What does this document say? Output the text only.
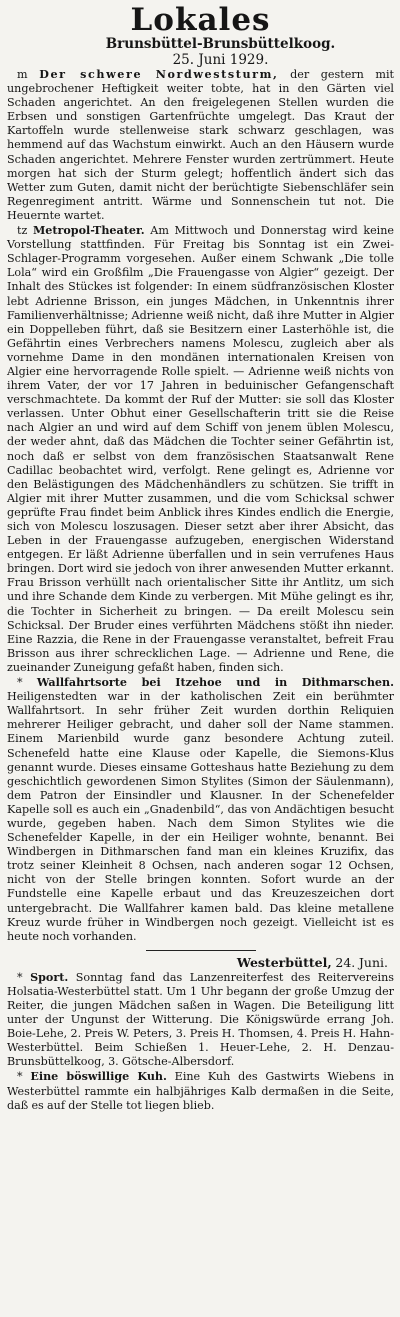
Lokales
Brunsbüttel-Brunsbüttelkoog.
25. Juni 1929.

m Der schwere Nordweststurm, der gestern mit ungebrochener Heftigkeit weiter tobte, hat in den Gärten viel Schaden angerichtet. An den freigelegenen Stellen wurden die Erbsen und sonstigen Gartenfrüchte umgelegt. Das Kraut der Kartoffeln wurde stellenweise stark schwarz geschlagen, was hemmend auf das Wachstum einwirkt. Auch an den Häusern wurde Schaden angerichtet. Mehrere Fenster wurden zertrümmert. Heute morgen hat sich der Sturm gelegt; hoffentlich ändert sich das Wetter zum Guten, damit nicht der berüchtigte Siebenschläfer sein Regenregiment antritt. Wärme und Sonnenschein tut not. Die Heuernte wartet.

tz Metropol-Theater. Am Mittwoch und Donnerstag wird keine Vorstellung stattfinden. Für Freitag bis Sonntag ist ein Zwei-Schlager-Programm vorgesehen. Außer einem Schwank „Die tolle Lola“ wird ein Großfilm „Die Frauengasse von Algier“ gezeigt. Der Inhalt des Stückes ist folgender: In einem südfranzösischen Kloster lebt Adrienne Brisson, ein junges Mädchen, in Unkenntnis ihrer Familienverhältnisse; Adrienne weiß nicht, daß ihre Mutter in Algier ein Doppelleben führt, daß sie Besitzern einer Lasterhöhle ist, die Gefährtin eines Verbrechers namens Molescu, zugleich aber als vornehme Dame in den mondänen internationalen Kreisen von Algier eine hervorragende Rolle spielt. — Adrienne weiß nichts von ihrem Vater, der vor 17 Jahren in beduinischer Gefangenschaft verschmachtete. Da kommt der Ruf der Mutter: sie soll das Kloster verlassen. Unter Obhut einer Gesellschafterin tritt sie die Reise nach Algier an und wird auf dem Schiff von jenem üblen Molescu, der weder ahnt, daß das Mädchen die Tochter seiner Gefährtin ist, noch daß er selbst von dem französischen Staatsanwalt Rene Cadillac beobachtet wird, verfolgt. Rene gelingt es, Adrienne vor den Belästigungen des Mädchenhändlers zu schützen. Sie trifft in Algier mit ihrer Mutter zusammen, und die vom Schicksal schwer geprüfte Frau findet beim Anblick ihres Kindes endlich die Energie, sich von Molescu loszusagen. Dieser setzt aber ihrer Absicht, das Leben in der Frauengasse aufzugeben, energischen Widerstand entgegen. Er läßt Adrienne überfallen und in sein verrufenes Haus bringen. Dort wird sie jedoch von ihrer anwesenden Mutter erkannt. Frau Brisson verhüllt nach orientalischer Sitte ihr Antlitz, um sich und ihre Schande dem Kinde zu verbergen. Mit Mühe gelingt es ihr, die Tochter in Sicherheit zu bringen. — Da ereilt Molescu sein Schicksal. Der Bruder eines verführten Mädchens stößt ihn nieder. Eine Razzia, die Rene in der Frauengasse veranstaltet, befreit Frau Brisson aus ihrer schrecklichen Lage. — Adrienne und Rene, die zueinander Zuneigung gefaßt haben, finden sich.

* Wallfahrtsorte bei Itzehoe und in Dithmarschen. Heiligenstedten war in der katholischen Zeit ein berühmter Wallfahrtsort. In sehr früher Zeit wurden dorthin Reliquien mehrerer Heiliger gebracht, und daher soll der Name stammen. Einem Marienbild wurde ganz besondere Achtung zuteil. Schenefeld hatte eine Klause oder Kapelle, die Siemons-Klus genannt wurde. Dieses einsame Gotteshaus hatte Beziehung zu dem geschichtlich gewordenen Simon Stylites (Simon der Säulenmann), dem Patron der Einsindler und Klausner. In der Schenefelder Kapelle soll es auch ein „Gnadenbild“, das von Andächtigen besucht wurde, gegeben haben. Nach dem Simon Stylites wie die Schenefelder Kapelle, in der ein Heiliger wohnte, benannt. Bei Windbergen in Dithmarschen fand man ein kleines Kruzifix, das trotz seiner Kleinheit 8 Ochsen, nach anderen sogar 12 Ochsen, nicht von der Stelle bringen konnten. Sofort wurde an der Fundstelle eine Kapelle erbaut und das Kreuzeszeichen dort untergebracht. Die Wallfahrer kamen bald. Das kleine metallene Kreuz wurde früher in Windbergen noch gezeigt. Vielleicht ist es heute noch vorhanden.

Westerbüttel, 24. Juni.

* Sport. Sonntag fand das Lanzenreiterfest des Reitervereins Holsatia-Westerbüttel statt. Um 1 Uhr begann der große Umzug der Reiter, die jungen Mädchen saßen in Wagen. Die Beteiligung litt unter der Ungunst der Witterung. Die Königswürde errang Joh. Boie-Lehe, 2. Preis W. Peters, 3. Preis H. Thomsen, 4. Preis H. Hahn-Westerbüttel. Beim Schießen 1. Heuer-Lehe, 2. H. Denzau-Brunsbüttelkoog, 3. Götsche-Albersdorf.

* Eine böswillige Kuh. Eine Kuh des Gastwirts Wiebens in Westerbüttel rammte ein halbjähriges Kalb dermaßen in die Seite, daß es auf der Stelle tot liegen blieb.
